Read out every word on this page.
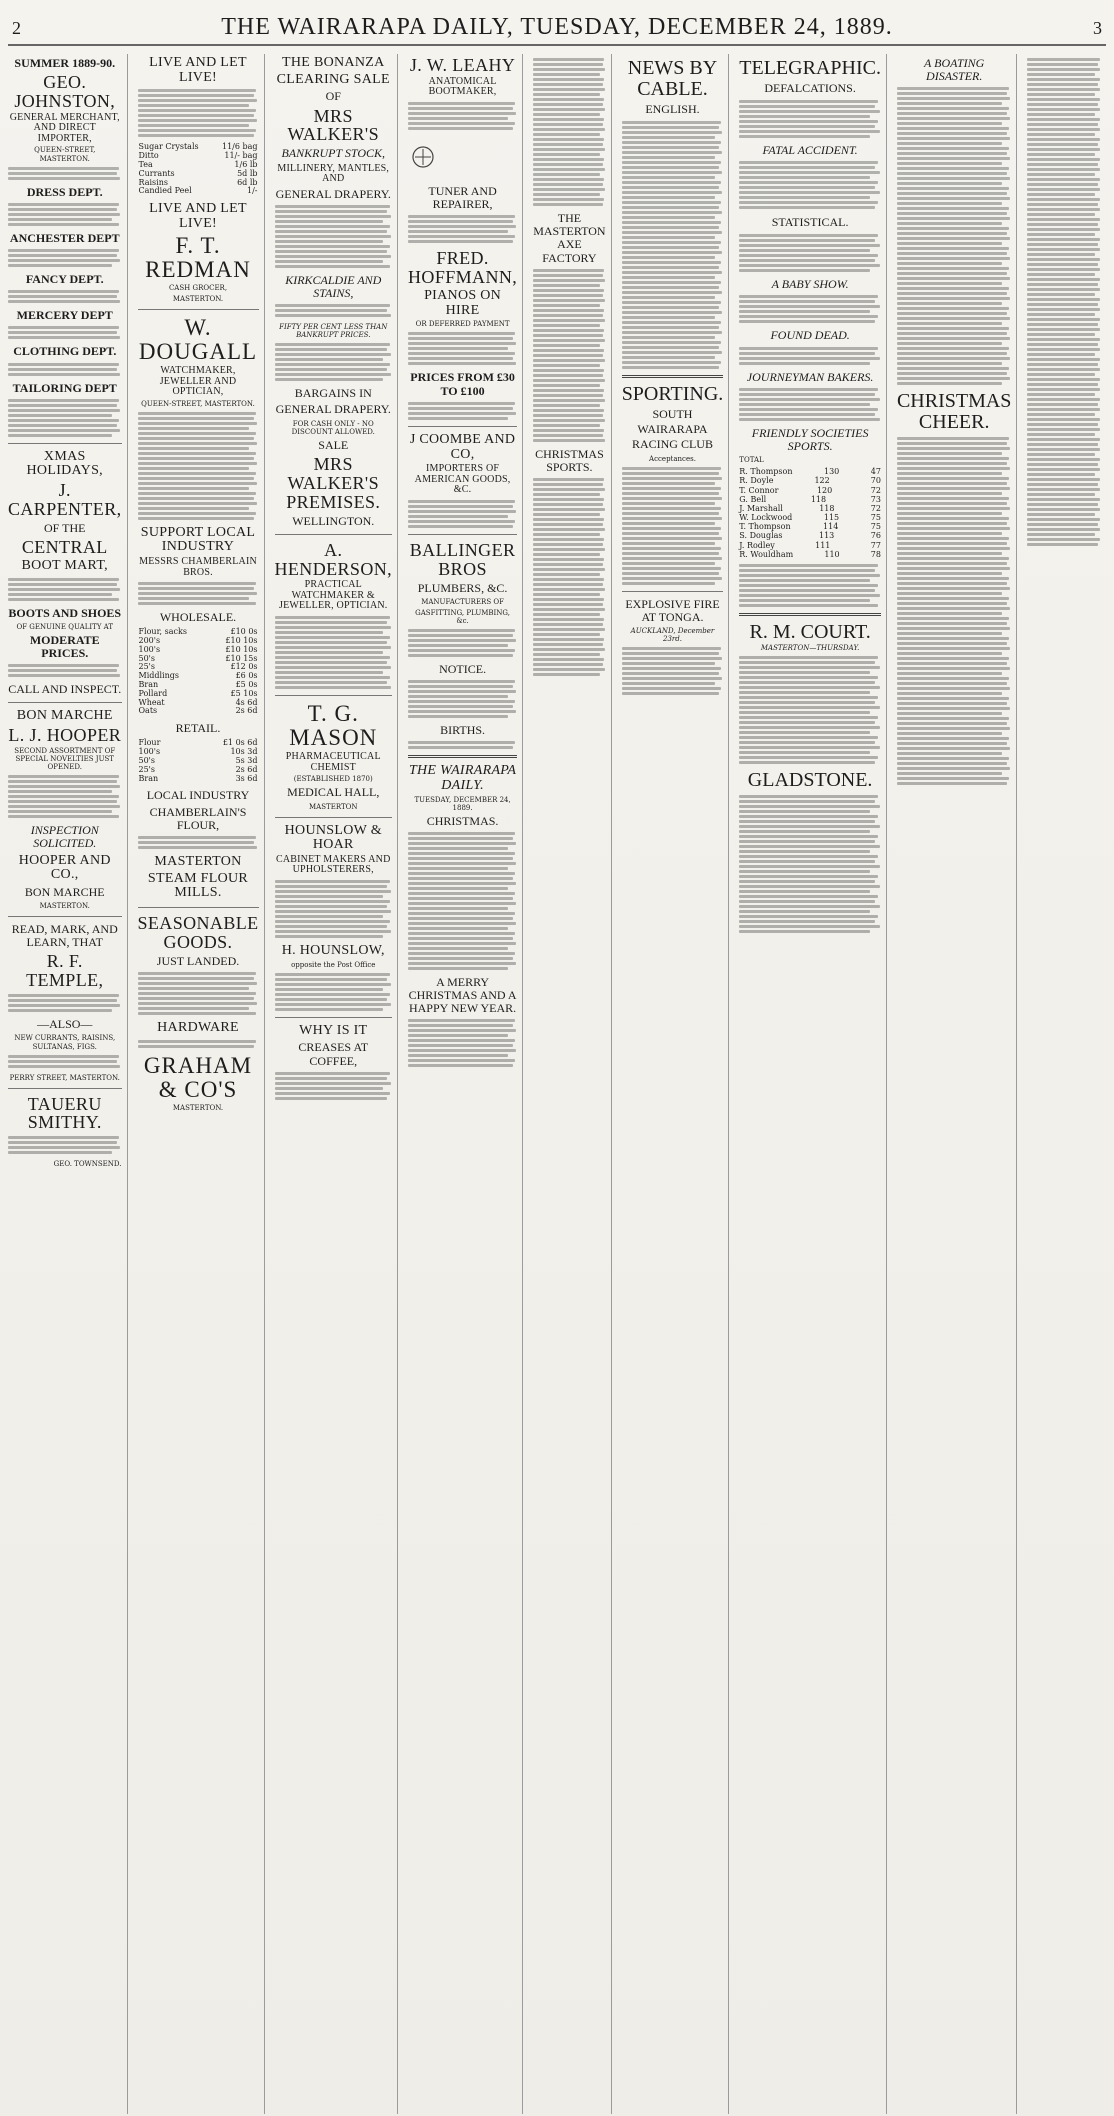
2	THE WAIRARAPA DAILY, TUESDAY, DECEMBER 24, 1889.	3
SUMMER 1889-90.
GEO. JOHNSTON,
GENERAL MERCHANT, AND DIRECT IMPORTER,
QUEEN-STREET, MASTERTON.
DRESS DEPT.
ANCHESTER DEPT
FANCY DEPT.
MERCERY DEPT
CLOTHING DEPT.
TAILORING DEPT
XMAS HOLIDAYS,
J. CARPENTER,
OF THE
CENTRAL
BOOT MART,
BOOTS AND SHOES
OF GENUINE QUALITY AT
MODERATE PRICES.
CALL AND INSPECT.
BON MARCHE
L. J. HOOPER
SECOND ASSORTMENT OF SPECIAL NOVELTIES JUST OPENED.
INSPECTION SOLICITED.
HOOPER AND CO.,
BON MARCHE
MASTERTON.
READ, MARK, AND LEARN, THAT
R. F. TEMPLE,
—ALSO—
NEW CURRANTS, RAISINS, SULTANAS, FIGS.
PERRY STREET, MASTERTON.
TAUERU SMITHY.
GEO. TOWNSEND.
LIVE AND LET LIVE!
Sugar Crystals	11/6 bag
Ditto	11/- bag
Tea	1/6 lb
Currants	5d lb
Raisins	6d lb
Candied Peel	1/-
LIVE AND LET LIVE!
F. T. REDMAN
CASH GROCER,
MASTERTON.
W. DOUGALL
WATCHMAKER, JEWELLER AND OPTICIAN,
QUEEN-STREET, MASTERTON.
SUPPORT LOCAL INDUSTRY
MESSRS CHAMBERLAIN BROS.
WHOLESALE.
Flour, sacks	£10 0s
200's	£10 10s
100's	£10 10s
50's	£10 15s
25's	£12 0s
Middlings	£6 0s
Bran	£5 0s
Pollard	£5 10s
Wheat	4s 6d
Oats	2s 6d
RETAIL.
Flour	£1 0s 6d
100's	10s 3d
50's	5s 3d
25's	2s 6d
Bran	3s 6d
LOCAL INDUSTRY
CHAMBERLAIN'S FLOUR,
MASTERTON
STEAM FLOUR MILLS.
SEASONABLE GOODS.
JUST LANDED.
HARDWARE
GRAHAM & CO'S
MASTERTON.
THE BONANZA
CLEARING SALE
OF
MRS WALKER'S
BANKRUPT STOCK,
MILLINERY, MANTLES, AND
GENERAL DRAPERY.
KIRKCALDIE AND STAINS,
FIFTY PER CENT LESS THAN BANKRUPT PRICES.
BARGAINS IN
GENERAL DRAPERY.
FOR CASH ONLY - NO DISCOUNT ALLOWED.
SALE
MRS WALKER'S PREMISES.
WELLINGTON.
A. HENDERSON,
PRACTICAL WATCHMAKER & JEWELLER, OPTICIAN.
T. G. MASON
PHARMACEUTICAL CHEMIST
(ESTABLISHED 1870)
MEDICAL HALL,
MASTERTON
HOUNSLOW & HOAR
CABINET MAKERS AND UPHOLSTERERS,
H. HOUNSLOW,
opposite the Post Office
WHY IS IT
CREASES AT COFFEE,
J. W. LEAHY
ANATOMICAL BOOTMAKER,
TUNER AND REPAIRER,
FRED. HOFFMANN,
PIANOS ON HIRE
OR DEFERRED PAYMENT
PRICES FROM £30 TO £100
J COOMBE AND CO,
IMPORTERS OF AMERICAN GOODS, &C.
BALLINGER BROS
PLUMBERS, &C.
MANUFACTURERS OF
GASFITTING, PLUMBING, &c.
NOTICE.
BIRTHS.
THE WAIRARAPA DAILY.
TUESDAY, DECEMBER 24, 1889.
CHRISTMAS.
A MERRY CHRISTMAS AND A HAPPY NEW YEAR.
THE MASTERTON AXE FACTORY
CHRISTMAS SPORTS.
NEWS BY CABLE.
ENGLISH.
SPORTING.
SOUTH WAIRARAPA RACING CLUB
Acceptances.
EXPLOSIVE FIRE AT TONGA.
AUCKLAND, December 23rd.
TELEGRAPHIC.
DEFALCATIONS.
FATAL ACCIDENT.
STATISTICAL.
A BABY SHOW.
FOUND DEAD.
JOURNEYMAN BAKERS.
FRIENDLY SOCIETIES SPORTS.
TOTAL
R. Thompson	130	47
R. Doyle	122	70
T. Connor	120	72
G. Bell	118	73
J. Marshall	118	72
W. Lockwood	115	75
T. Thompson	114	75
S. Douglas	113	76
J. Rodley	111	77
R. Wouldham	110	78
R. M. COURT.
MASTERTON—THURSDAY.
GLADSTONE.
A BOATING DISASTER.
CHRISTMAS CHEER.
